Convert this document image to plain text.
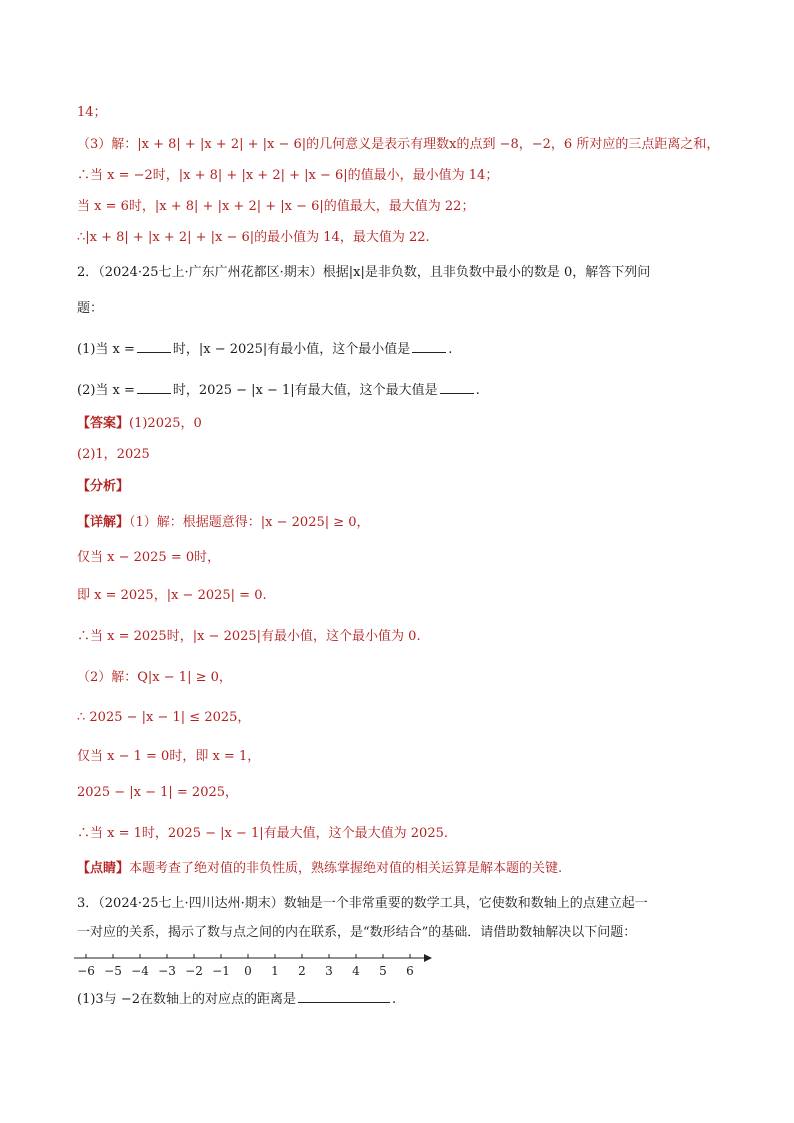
14；
（3）解：|x + 8| + |x + 2| + |x − 6|的几何意义是表示有理数x的点到 −8，−2，6 所对应的三点距离之和，
∴当 x = −2时，|x + 8| + |x + 2| + |x − 6|的值最小，最小值为 14；
当 x = 6时，|x + 8| + |x + 2| + |x − 6|的值最大，最大值为 22；
∴|x + 8| + |x + 2| + |x − 6|的最小值为 14，最大值为 22.
2．（2024·25七上·广东广州花都区·期末）根据|x|是非负数，且非负数中最小的数是 0，解答下列问
题：
(1)当 x =	时，|x − 2025|有最小值，这个最小值是	.
(2)当 x =	时，2025 − |x − 1|有最大值，这个最大值是	.
【答案】(1)2025，0
(2)1，2025
【分析】
【详解】（1）解：根据题意得：|x − 2025| ≥ 0，
仅当 x − 2025 = 0时，
即 x = 2025，|x − 2025| = 0.
∴当 x = 2025时，|x − 2025|有最小值，这个最小值为 0.
（2）解：Q|x − 1| ≥ 0，
∴ 2025 − |x − 1| ≤ 2025，
仅当 x − 1 = 0时，即 x = 1，
2025 − |x − 1| = 2025，
∴当 x = 1时，2025 − |x − 1|有最大值，这个最大值为 2025.
【点睛】本题考查了绝对值的非负性质，熟练掌握绝对值的相关运算是解本题的关键.
3．（2024·25七上·四川达州·期末）数轴是一个非常重要的数学工具，它使数和数轴上的点建立起一
一对应的关系，揭示了数与点之间的内在联系，是“数形结合”的基础．请借助数轴解决以下问题：
−6 −5 −4 −3 −2 −1 0 1 2 3 4 5 6
(1)3与 −2在数轴上的对应点的距离是	.
